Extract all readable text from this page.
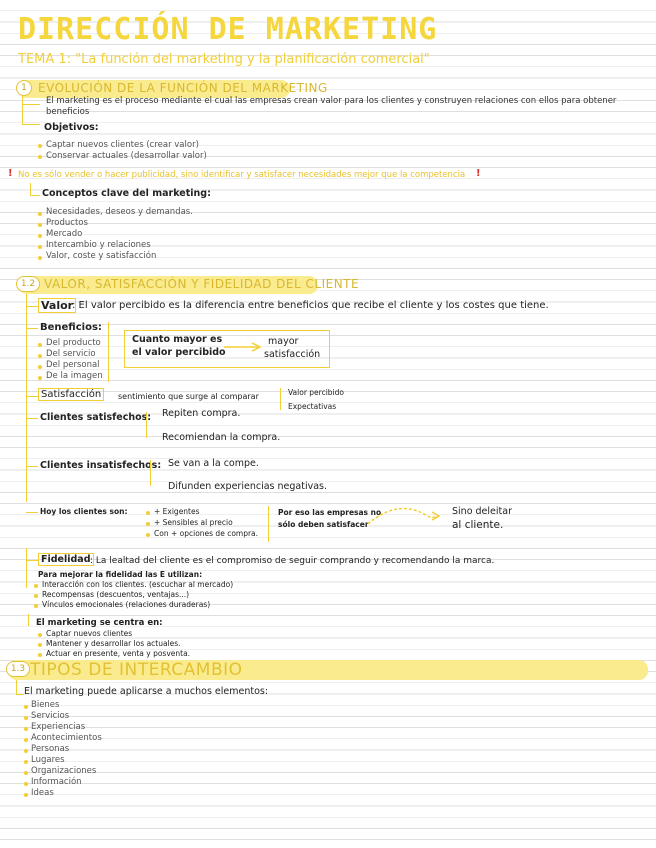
DIRECCIÓN DE MARKETING
TEMA 1: "La función del marketing y la planificación comercial"
1 EVOLUCIÓN DE LA FUNCIÓN DEL MARKETING
El marketing es el proceso mediante el cual las empresas crean valor para los clientes y construyen relaciones con ellos para obtener
beneficios
Objetivos:
Captar nuevos clientes (crear valor)
Conservar actuales (desarrollar valor)
! No es sólo vender o hacer publicidad, sino identificar y satisfacer necesidades mejor que la competencia !
Conceptos clave del marketing:
Necesidades, deseos y demandas.
Productos
Mercado
Intercambio y relaciones
Valor, coste y satisfacción
1.2 VALOR, SATISFACCIÓN Y FIDELIDAD DEL CLIENTE
Valor
: El valor percibido es la diferencia entre beneficios que recibe el cliente y los costes que tiene.
Beneficios:
Del producto
Del servicio
Del personal
De la imagen
Cuanto mayor es
el valor percibido
mayor
satisfacción
Satisfacción	sentimiento que surge al comparar	Valor percibido
Expectativas
Clientes satisfechos: Repiten compra.
Recomiendan la compra.
Clientes insatisfechos: Se van a la compe.
Difunden experiencias negativas.
Hoy los clientes son:	+ Exigentes
+ Sensibles al precio
Con + opciones de compra.
Por eso las empresas no
sólo deben satisfacer
Sino deleitar
al cliente.
Fidelidad : La lealtad del cliente es el compromiso de seguir comprando y recomendando la marca.
Para mejorar la fidelidad las E utilizan:
Interacción con los clientes. (escuchar al mercado)
Recompensas (descuentos, ventajas...)
Vínculos emocionales (relaciones duraderas)
El marketing se centra en:
Captar nuevos clientes
Mantener y desarrollar los actuales.
Actuar en presente, venta y posventa.
1.3 TIPOS DE INTERCAMBIO
El marketing puede aplicarse a muchos elementos:
Bienes
Servicios
Experiencias
Acontecimientos
Personas
Lugares
Organizaciones
Información
Ideas
